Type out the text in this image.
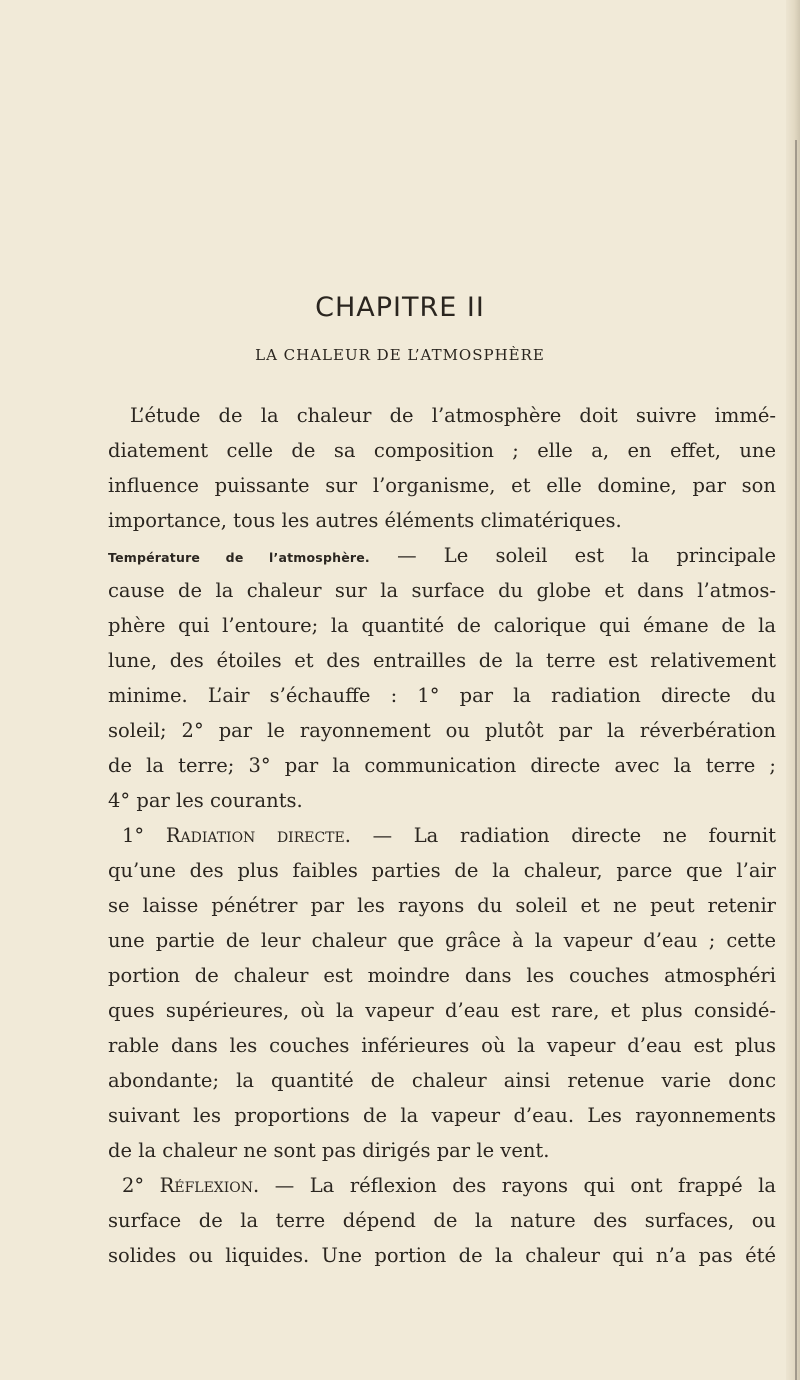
CHAPITRE II
LA CHALEUR DE L’ATMOSPHÈRE
L’étude de la chaleur de l’atmosphère doit suivre immé-
diatement celle de sa composition ; elle a, en effet, une
influence puissante sur l’organisme, et elle domine, par son
importance, tous les autres éléments climatériques.
Température de l’atmosphère. — Le soleil est la principale
cause de la chaleur sur la surface du globe et dans l’atmos-
phère qui l’entoure; la quantité de calorique qui émane de la
lune, des étoiles et des entrailles de la terre est relativement
minime. L’air s’échauffe : 1° par la radiation directe du
soleil; 2° par le rayonnement ou plutôt par la réverbération
de la terre; 3° par la communication directe avec la terre ;
4° par les courants.
1° Radiation directe. — La radiation directe ne fournit
qu’une des plus faibles parties de la chaleur, parce que l’air
se laisse pénétrer par les rayons du soleil et ne peut retenir
une partie de leur chaleur que grâce à la vapeur d’eau ; cette
portion de chaleur est moindre dans les couches atmosphéri
ques supérieures, où la vapeur d’eau est rare, et plus considé-
rable dans les couches inférieures où la vapeur d’eau est plus
abondante; la quantité de chaleur ainsi retenue varie donc
suivant les proportions de la vapeur d’eau. Les rayonnements
de la chaleur ne sont pas dirigés par le vent.
2° Réflexion. — La réflexion des rayons qui ont frappé la
surface de la terre dépend de la nature des surfaces, ou
solides ou liquides. Une portion de la chaleur qui n’a pas été
